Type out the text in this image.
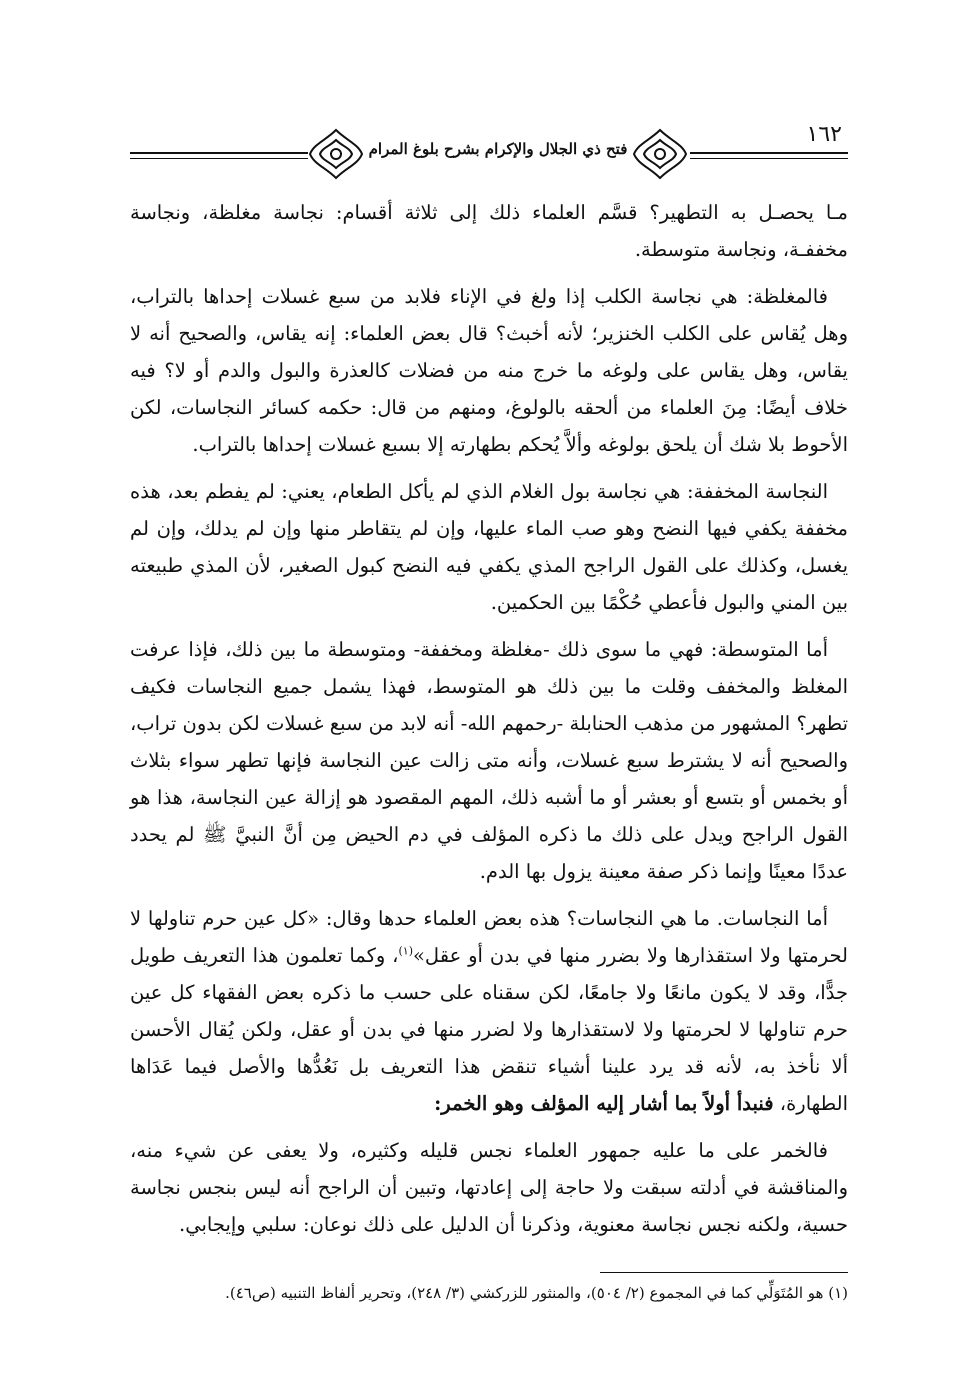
فتح ذي الجلال والإكرام بشرح بلوغ المرام
١٦٢

مـا يحصـل به التطهير؟ قسَّم العلماء ذلك إلى ثلاثة أقسام: نجاسة مغلظة، ونجاسة مخففـة، ونجاسة متوسطة.

فالمغلظة: هي نجاسة الكلب إذا ولغ في الإناء فلابد من سبع غسلات إحداها بالتراب، وهل يُقاس على الكلب الخنزير؛ لأنه أخبث؟ قال بعض العلماء: إنه يقاس، والصحيح أنه لا يقاس، وهل يقاس على ولوغه ما خرج منه من فضلات كالعذرة والبول والدم أو لا؟ فيه خلاف أيضًا: مِنَ العلماء من ألحقه بالولوغ، ومنهم من قال: حكمه كسائر النجاسات، لكن الأحوط بلا شك أن يلحق بولوغه وألاَّ يُحكم بطهارته إلا بسبع غسلات إحداها بالتراب.

النجاسة المخففة: هي نجاسة بول الغلام الذي لم يأكل الطعام، يعني: لم يفطم بعد، هذه مخففة يكفي فيها النضح وهو صب الماء عليها، وإن لم يتقاطر منها وإن لم يدلك، وإن لم يغسل، وكذلك على القول الراجح المذي يكفي فيه النضح كبول الصغير، لأن المذي طبيعته بين المني والبول فأعطي حُكْمًا بين الحكمين.

أما المتوسطة: فهي ما سوى ذلك -مغلظة ومخففة- ومتوسطة ما بين ذلك، فإذا عرفت المغلظ والمخفف وقلت ما بين ذلك هو المتوسط، فهذا يشمل جميع النجاسات فكيف تطهر؟ المشهور من مذهب الحنابلة -رحمهم الله- أنه لابد من سبع غسلات لكن بدون تراب، والصحيح أنه لا يشترط سبع غسلات، وأنه متى زالت عين النجاسة فإنها تطهر سواء بثلاث أو بخمس أو بتسع أو بعشر أو ما أشبه ذلك، المهم المقصود هو إزالة عين النجاسة، هذا هو القول الراجح ويدل على ذلك ما ذكره المؤلف في دم الحيض مِن أنَّ النبيَّ ﷺ لم يحدد عددًا معينًا وإنما ذكر صفة معينة يزول بها الدم.

أما النجاسات. ما هي النجاسات؟ هذه بعض العلماء حدها وقال: «كل عين حرم تناولها لا لحرمتها ولا استقذارها ولا بضرر منها في بدن أو عقل»$^{(١)}$، وكما تعلمون هذا التعريف طويل جدًّا، وقد لا يكون مانعًا ولا جامعًا، لكن سقناه على حسب ما ذكره بعض الفقهاء كل عين حرم تناولها لا لحرمتها ولا لاستقذارها ولا لضرر منها في بدن أو عقل، ولكن يُقال الأحسن ألا نأخذ به، لأنه قد يرد علينا أشياء تنقض هذا التعريف بل نَعُدُّها والأصل فيما عَدَاها الطهارة، فنبدأ أولاً بما أشار إليه المؤلف وهو الخمر:

فالخمر على ما عليه جمهور العلماء نجس قليله وكثيره، ولا يعفى عن شيء منه، والمناقشة في أدلته سبقت ولا حاجة إلى إعادتها، وتبين أن الراجح أنه ليس بنجس نجاسة حسية، ولكنه نجس نجاسة معنوية، وذكرنا أن الدليل على ذلك نوعان: سلبي وإيجابي.

(١) هو المُتَوَلِّي كما في المجموع (٢/ ٥٠٤)، والمنثور للزركشي (٣/ ٢٤٨)، وتحرير ألفاظ التنبيه (ص٤٦).
